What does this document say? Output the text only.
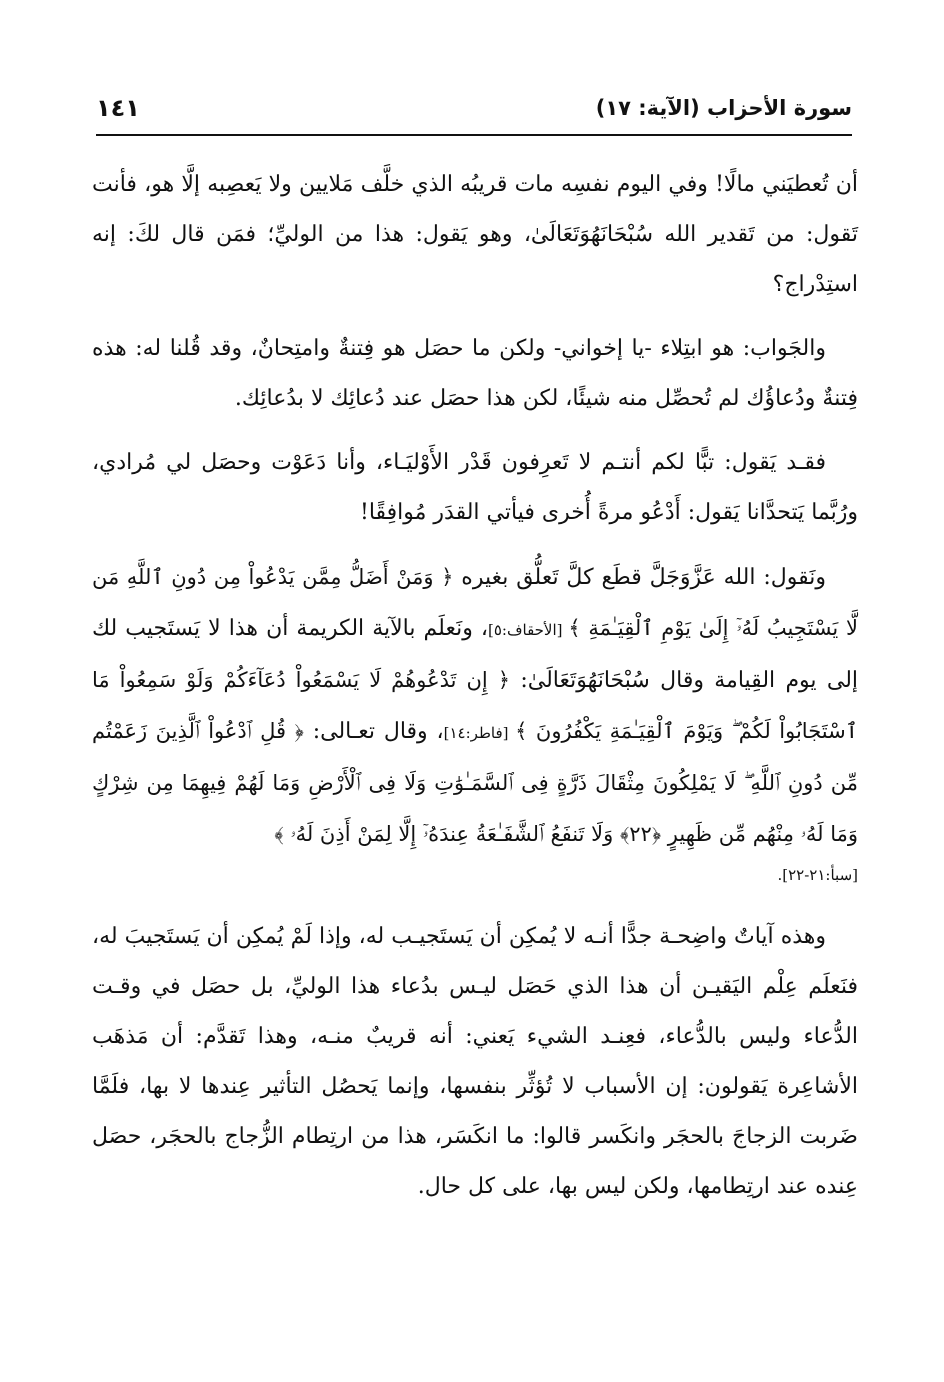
سورة الأحزاب (الآية: ١٧)
١٤١

أن تُعطيَني مالًا! وفي اليوم نفسِه مات قريبُه الذي خلَّف مَلايين ولا يَعصِبه إلَّا هو، فأنت تَقول: من تَقدير الله سُبْحَانَهُوَتَعَالَىٰ، وهو يَقول: هذا من الوليِّ؛ فمَن قال لكَ: إنه استِدْراج؟

والجَواب: هو ابتِلاء -يا إخواني- ولكن ما حصَل هو فِتنةٌ وامتِحانٌ، وقد قُلنا له: هذه فِتنةٌ ودُعاؤُك لم تُحصِّل منه شيئًا، لكن هذا حصَل عند دُعائِك لا بدُعائِك.

فقـد يَقول: تبًّا لكم أنتـم لا تَعرِفون قَدْر الأَوْليَـاء، وأنا دَعَوْت وحصَل لي مُرادي، ورُبَّما يَتحدَّانا يَقول: أَدْعُو مرةً أُخرى فيأتي القدَر مُوافِقًا!

ونَقول: الله عَزَّوَجَلَّ قطَع كلَّ تَعلُّق بغيره ﴿ وَمَنْ أَضَلُّ مِمَّن يَدْعُواْ مِن دُونِ ٱللَّهِ مَن لَّا يَسْتَجِيبُ لَهُۥٓ إِلَىٰ يَوْمِ ٱلْقِيَـٰمَةِ ﴾ [الأحقاف:٥]، ونَعلَم بالآية الكريمة أن هذا لا يَستَجيب لك إلى يوم القِيامة وقال سُبْحَانَهُوَتَعَالَىٰ: ﴿ إِن تَدْعُوهُمْ لَا يَسْمَعُواْ دُعَآءَكُمْ وَلَوْ سَمِعُواْ مَا ٱسْتَجَابُواْ لَكُمْ ۖ وَيَوْمَ ٱلْقِيَـٰمَةِ يَكْفُرُونَ ﴾ [فاطر:١٤]، وقال تعـالى: ﴿ قُلِ ٱدْعُواْ ٱلَّذِينَ زَعَمْتُم مِّن دُونِ ٱللَّهِ ۖ لَا يَمْلِكُونَ مِثْقَالَ ذَرَّةٍ فِى ٱلسَّمَـٰوَٰتِ وَلَا فِى ٱلْأَرْضِ وَمَا لَهُمْ فِيهِمَا مِن شِرْكٍ وَمَا لَهُۥ مِنْهُم مِّن ظَهِيرٍ ﴿٢٢﴾ وَلَا تَنفَعُ ٱلشَّفَـٰعَةُ عِندَهُۥٓ إِلَّا لِمَنْ أَذِنَ لَهُۥ ﴾

[سبأ:٢١-٢٢].

وهذه آياتٌ واضِحـة جدًّا أنـه لا يُمكِن أن يَستَجيـب له، وإذا لَمْ يُمكِن أن يَستَجيبَ له، فنَعلَم عِلْم اليَقيـن أن هذا الذي حَصَل ليـس بدُعاء هذا الوليِّ، بل حصَل في وقـت الدُّعاء وليس بالدُّعاء، فعِنـد الشيء يَعني: أنه قريبٌ منـه، وهذا تَقدَّم: أن مَذهَب الأشاعِرة يَقولون: إن الأسباب لا تُؤثِّر بنفسها، وإنما يَحصُل التأثير عِندها لا بها، فلَمَّا ضَربت الزجاجَ بالحجَر وانكَسر قالوا: ما انكَسَر، هذا من ارتِطام الزُّجاج بالحجَر، حصَل عِنده عند ارتِطامها، ولكن ليس بها، على كل حال.
